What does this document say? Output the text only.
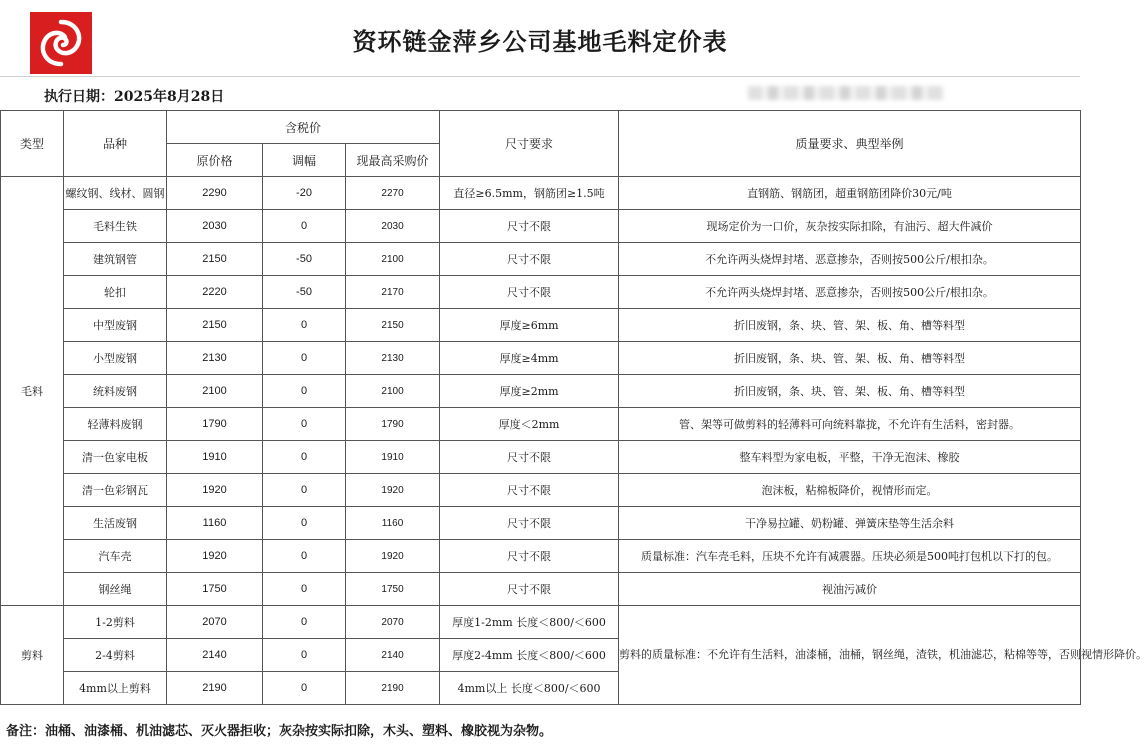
资环链金萍乡公司基地毛料定价表
执行日期：2025年8月28日
类型	品种	含税价			尺寸要求	质量要求、典型举例
		原价格	调幅	现最高采购价		
毛料	螺纹钢、线材、圆钢	2290	-20	2270	直径≥6.5mm，钢筋团≥1.5吨	直钢筋、钢筋团，超重钢筋团降价30元/吨
	毛料生铁	2030	0	2030	尺寸不限	现场定价为一口价，灰杂按实际扣除，有油污、超大件减价
	建筑钢管	2150	-50	2100	尺寸不限	不允许两头烧焊封堵、恶意掺杂，否则按500公斤/根扣杂。
	轮扣	2220	-50	2170	尺寸不限	不允许两头烧焊封堵、恶意掺杂，否则按500公斤/根扣杂。
	中型废钢	2150	0	2150	厚度≥6mm	折旧废钢，条、块、管、架、板、角、槽等料型
	小型废钢	2130	0	2130	厚度≥4mm	折旧废钢，条、块、管、架、板、角、槽等料型
	统料废钢	2100	0	2100	厚度≥2mm	折旧废钢，条、块、管、架、板、角、槽等料型
	轻薄料废钢	1790	0	1790	厚度＜2mm	管、架等可做剪料的轻薄料可向统料靠拢，不允许有生活料，密封器。
	清一色家电板	1910	0	1910	尺寸不限	整车料型为家电板，平整，干净无泡沫、橡胶
	清一色彩钢瓦	1920	0	1920	尺寸不限	泡沫板，粘棉板降价，视情形而定。
	生活废钢	1160	0	1160	尺寸不限	干净易拉罐、奶粉罐、弹簧床垫等生活余料
	汽车壳	1920	0	1920	尺寸不限	质量标准：汽车壳毛料，压块不允许有减震器。压块必须是500吨打包机以下打的包。
	钢丝绳	1750	0	1750	尺寸不限	视油污减价
剪料	1-2剪料	2070	0	2070	厚度1-2mm 长度＜800/＜600	剪料的质量标准：不允许有生活料，油漆桶，油桶，钢丝绳，渣铁，机油滤芯，粘棉等等，否则视情形降价。
	2-4剪料	2140	0	2140	厚度2-4mm 长度＜800/＜600	
	4mm以上剪料	2190	0	2190	4mm以上 长度＜800/＜600	
备注：油桶、油漆桶、机油滤芯、灭火器拒收；灰杂按实际扣除，木头、塑料、橡胶视为杂物。
